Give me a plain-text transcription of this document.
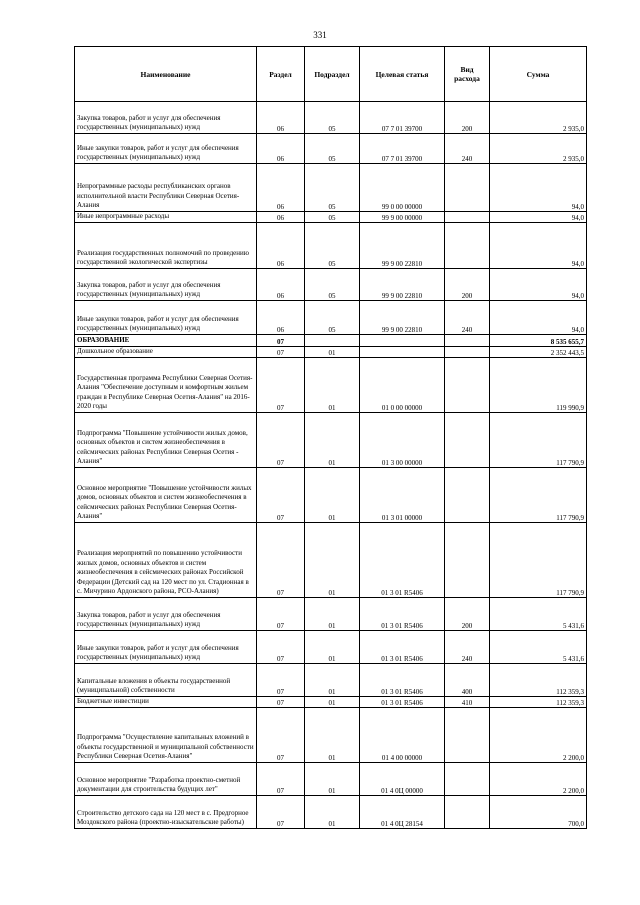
331
Наименование	Раздел	Подраздел	Целевая статья	Вид расхода	Сумма
Закупка товаров, работ и услуг для обеспечения государственных (муниципальных) нужд	06	05	07 7 01 39700	200	2 935,0
Иные закупки товаров, работ и услуг для обеспечения государственных (муниципальных) нужд	06	05	07 7 01 39700	240	2 935,0
Непрограммные расходы республиканских органов исполнительной власти Республики Северная Осетия-Алания	06	05	99 0 00 00000		94,0
Иные непрограммные расходы	06	05	99 9 00 00000		94,0
Реализация государственных полномочий по проведению государственной экологической экспертизы	06	05	99 9 00 22810		94,0
Закупка товаров, работ и услуг для обеспечения государственных (муниципальных) нужд	06	05	99 9 00 22810	200	94,0
Иные закупки товаров, работ и услуг для обеспечения государственных (муниципальных) нужд	06	05	99 9 00 22810	240	94,0
ОБРАЗОВАНИЕ	07				8 535 655,7
Дошкольное образование	07	01			2 352 443,5
Государственная программа Республики Северная Осетия-Алания "Обеспечение доступным и комфортным жильем граждан в Республике Северная Осетия-Алания" на 2016-2020 годы	07	01	01 0 00 00000		119 990,9
Подпрограмма "Повышение устойчивости жилых домов, основных объектов и систем жизнеобеспечения в сейсмических районах Республики Северная Осетия - Алания"	07	01	01 3 00 00000		117 790,9
Основное мероприятие "Повышение устойчивости жилых домов, основных объектов и систем жизнеобеспечения в сейсмических районах Республики Северная Осетия-Алания"	07	01	01 3 01 00000		117 790,9
Реализация мероприятий по повышению устойчивости жилых домов, основных объектов и систем жизнеобеспечения в сейсмических районах Российской Федерации (Детский сад на 120 мест по ул. Стадионная в с. Мичурино Ардонского района, РСО-Алания)	07	01	01 3 01 R5406		117 790,9
Закупка товаров, работ и услуг для обеспечения государственных (муниципальных) нужд	07	01	01 3 01 R5406	200	5 431,6
Иные закупки товаров, работ и услуг для обеспечения государственных (муниципальных) нужд	07	01	01 3 01 R5406	240	5 431,6
Капитальные вложения в объекты государственной (муниципальной) собственности	07	01	01 3 01 R5406	400	112 359,3
Бюджетные инвестиции	07	01	01 3 01 R5406	410	112 359,3
Подпрограмма "Осуществление капитальных вложений в объекты государственной и муниципальной собственности Республики Северная Осетия-Алания"	07	01	01 4 00 00000		2 200,0
Основное мероприятие "Разработка проектно-сметной документации для строительства будущих лет"	07	01	01 4 0Ц 00000		2 200,0
Строительство детского сада на 120 мест в с. Предгорное Моздокского района (проектно-изыскательские работы)	07	01	01 4 0Ц 28154		700,0
